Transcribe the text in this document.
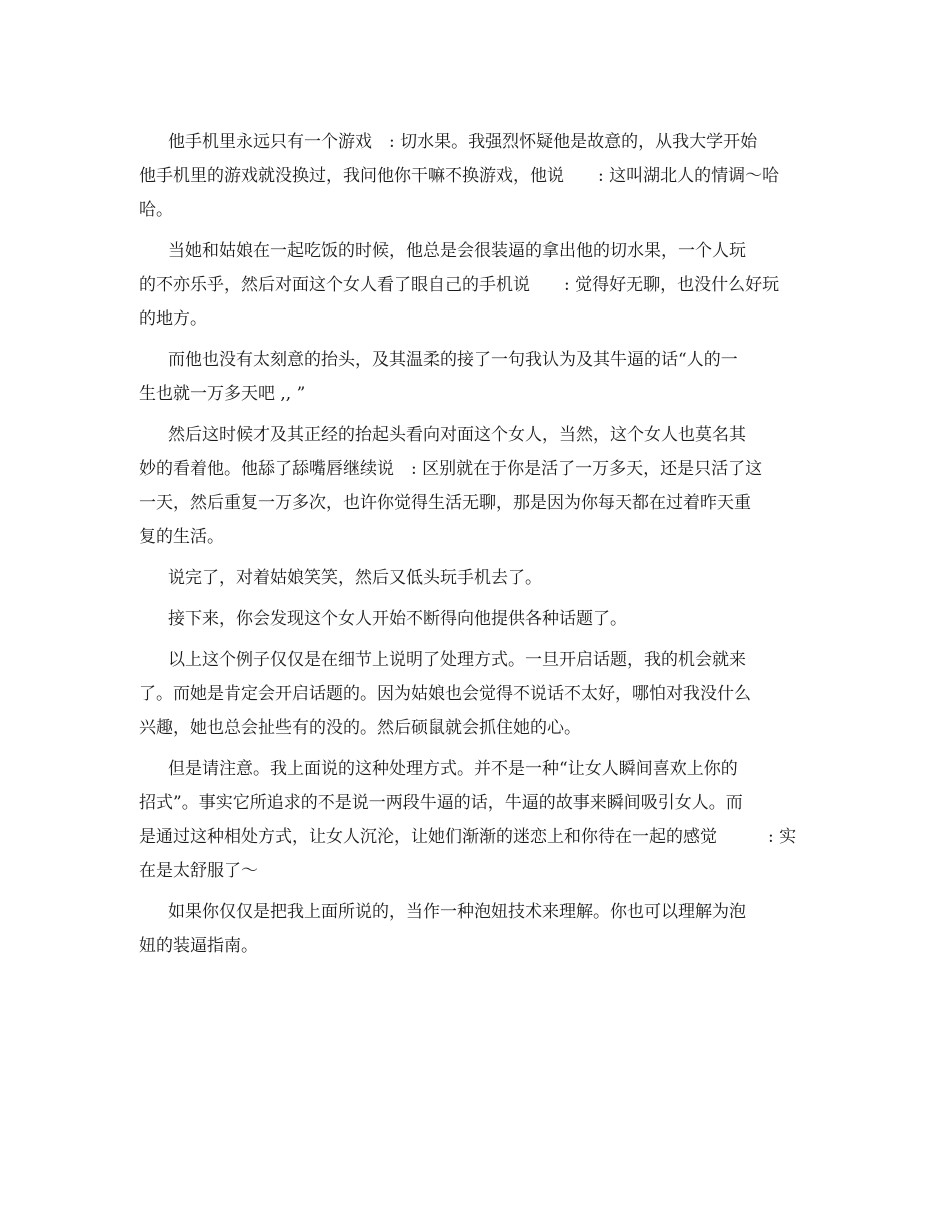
他手机里永远只有一个游戏　: 切水果。我强烈怀疑他是故意的，从我大学开始
他手机里的游戏就没换过，我问他你干嘛不换游戏，他说　　: 这叫湖北人的情调～哈
哈。
当她和姑娘在一起吃饭的时候，他总是会很装逼的拿出他的切水果，一个人玩
的不亦乐乎，然后对面这个女人看了眼自己的手机说　　: 觉得好无聊，也没什么好玩
的地方。
而他也没有太刻意的抬头，及其温柔的接了一句我认为及其牛逼的话“人的一
生也就一万多天吧 ,, ”
然后这时候才及其正经的抬起头看向对面这个女人，当然，这个女人也莫名其
妙的看着他。他舔了舔嘴唇继续说　: 区别就在于你是活了一万多天，还是只活了这
一天，然后重复一万多次，也许你觉得生活无聊，那是因为你每天都在过着昨天重
复的生活。
说完了，对着姑娘笑笑，然后又低头玩手机去了。
接下来，你会发现这个女人开始不断得向他提供各种话题了。
以上这个例子仅仅是在细节上说明了处理方式。一旦开启话题，我的机会就来
了。而她是肯定会开启话题的。因为姑娘也会觉得不说话不太好，哪怕对我没什么
兴趣，她也总会扯些有的没的。然后硕鼠就会抓住她的心。
但是请注意。我上面说的这种处理方式。并不是一种“让女人瞬间喜欢上你的
招式”。事实它所追求的不是说一两段牛逼的话，牛逼的故事来瞬间吸引女人。而
是通过这种相处方式，让女人沉沦，让她们渐渐的迷恋上和你待在一起的感觉　　　: 实
在是太舒服了～
如果你仅仅是把我上面所说的，当作一种泡妞技术来理解。你也可以理解为泡
妞的装逼指南。
